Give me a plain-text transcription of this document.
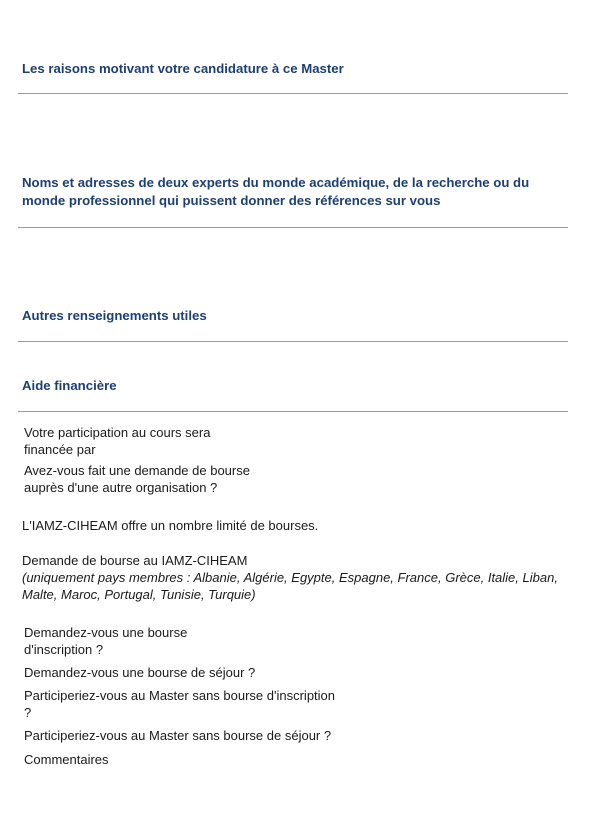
Les raisons motivant votre candidature à ce Master
Noms et adresses de deux experts du monde académique, de la recherche ou du
monde professionnel qui puissent donner des références sur vous
Autres renseignements utiles
Aide financière
Votre participation au cours sera
financée par
Avez-vous fait une demande de bourse
auprès d'une autre organisation ?
L'IAMZ-CIHEAM offre un nombre limité de bourses.
Demande de bourse au IAMZ-CIHEAM
(uniquement pays membres : Albanie, Algérie, Egypte, Espagne, France, Grèce, Italie, Liban,
Malte, Maroc, Portugal, Tunisie, Turquie)
Demandez-vous une bourse
d'inscription ?
Demandez-vous une bourse de séjour ?
Participeriez-vous au Master sans bourse d'inscription
?
Participeriez-vous au Master sans bourse de séjour ?
Commentaires
